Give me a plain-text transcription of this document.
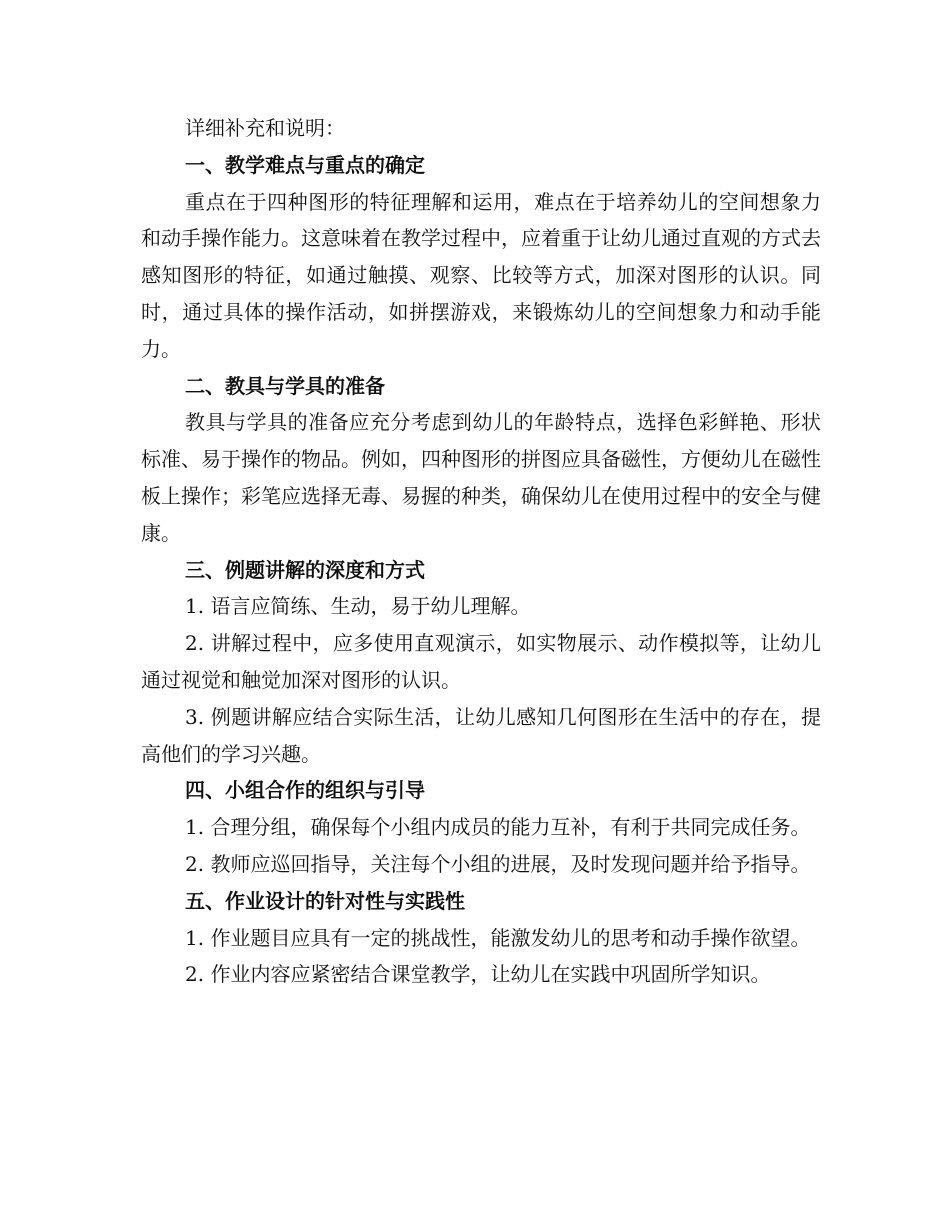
详细补充和说明：

一、教学难点与重点的确定

重点在于四种图形的特征理解和运用，难点在于培养幼儿的空间想象力和动手操作能力。这意味着在教学过程中，应着重于让幼儿通过直观的方式去感知图形的特征，如通过触摸、观察、比较等方式，加深对图形的认识。同时，通过具体的操作活动，如拼摆游戏，来锻炼幼儿的空间想象力和动手能力。

二、教具与学具的准备

教具与学具的准备应充分考虑到幼儿的年龄特点，选择色彩鲜艳、形状标准、易于操作的物品。例如，四种图形的拼图应具备磁性，方便幼儿在磁性板上操作；彩笔应选择无毒、易握的种类，确保幼儿在使用过程中的安全与健康。

三、例题讲解的深度和方式

1. 语言应简练、生动，易于幼儿理解。

2. 讲解过程中，应多使用直观演示，如实物展示、动作模拟等，让幼儿通过视觉和触觉加深对图形的认识。

3. 例题讲解应结合实际生活，让幼儿感知几何图形在生活中的存在，提高他们的学习兴趣。

四、小组合作的组织与引导

1. 合理分组，确保每个小组内成员的能力互补，有利于共同完成任务。

2. 教师应巡回指导，关注每个小组的进展，及时发现问题并给予指导。

五、作业设计的针对性与实践性

1. 作业题目应具有一定的挑战性，能激发幼儿的思考和动手操作欲望。

2. 作业内容应紧密结合课堂教学，让幼儿在实践中巩固所学知识。
